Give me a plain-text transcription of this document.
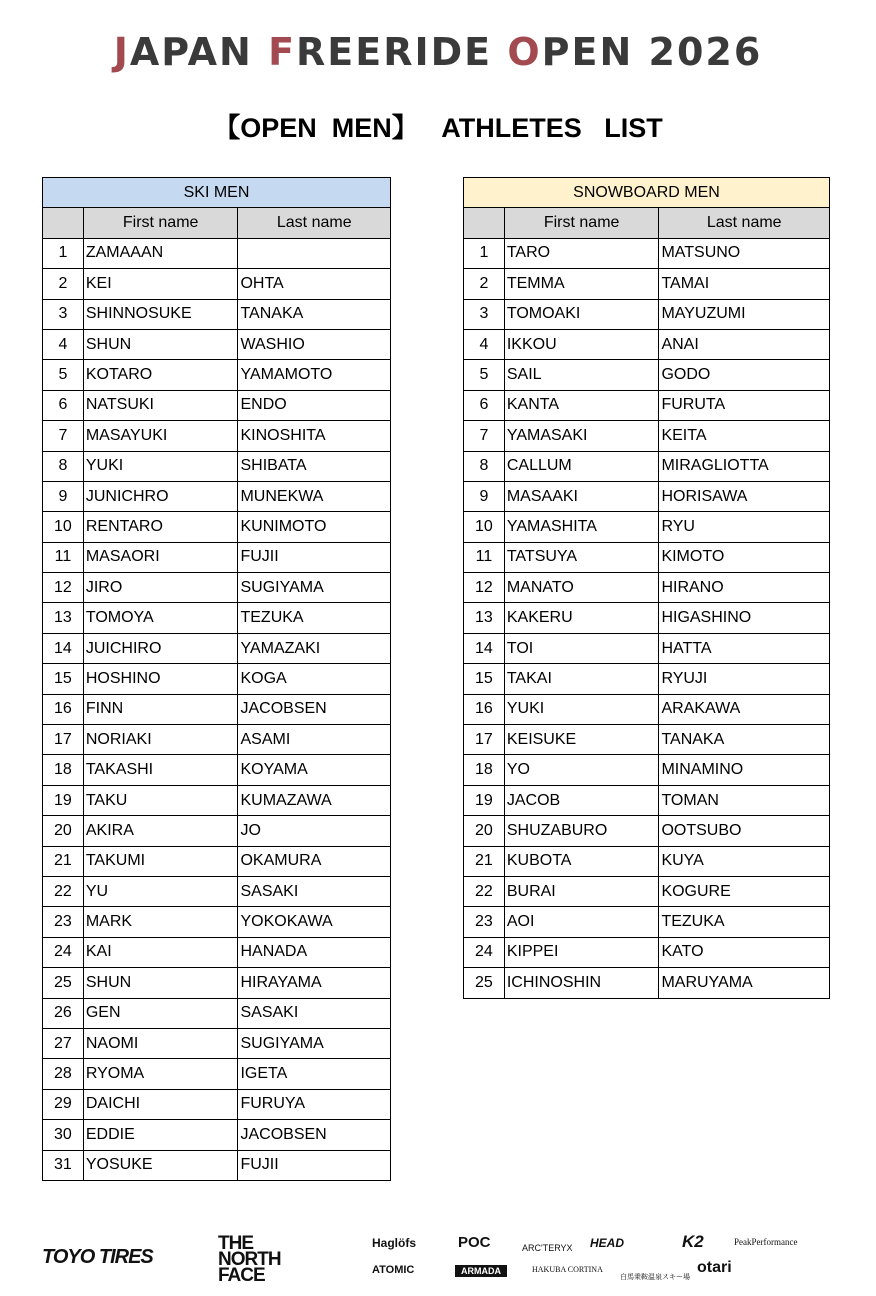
JAPAN FREERIDE OPEN 2026
【OPEN  MEN】   ATHLETES   LIST
SKI MEN		
	First name	Last name
1	ZAMAAAN	
2	KEI	OHTA
3	SHINNOSUKE	TANAKA
4	SHUN	WASHIO
5	KOTARO	YAMAMOTO
6	NATSUKI	ENDO
7	MASAYUKI	KINOSHITA
8	YUKI	SHIBATA
9	JUNICHRO	MUNEKWA
10	RENTARO	KUNIMOTO
11	MASAORI	FUJII
12	JIRO	SUGIYAMA
13	TOMOYA	TEZUKA
14	JUICHIRO	YAMAZAKI
15	HOSHINO	KOGA
16	FINN	JACOBSEN
17	NORIAKI	ASAMI
18	TAKASHI	KOYAMA
19	TAKU	KUMAZAWA
20	AKIRA	JO
21	TAKUMI	OKAMURA
22	YU	SASAKI
23	MARK	YOKOKAWA
24	KAI	HANADA
25	SHUN	HIRAYAMA
26	GEN	SASAKI
27	NAOMI	SUGIYAMA
28	RYOMA	IGETA
29	DAICHI	FURUYA
30	EDDIE	JACOBSEN
31	YOSUKE	FUJII
SNOWBOARD MEN		
	First name	Last name
1	TARO	MATSUNO
2	TEMMA	TAMAI
3	TOMOAKI	MAYUZUMI
4	IKKOU	ANAI
5	SAIL	GODO
6	KANTA	FURUTA
7	YAMASAKI	KEITA
8	CALLUM	MIRAGLIOTTA
9	MASAAKI	HORISAWA
10	YAMASHITA	RYU
11	TATSUYA	KIMOTO
12	MANATO	HIRANO
13	KAKERU	HIGASHINO
14	TOI	HATTA
15	TAKAI	RYUJI
16	YUKI	ARAKAWA
17	KEISUKE	TANAKA
18	YO	MINAMINO
19	JACOB	TOMAN
20	SHUZABURO	OOTSUBO
21	KUBOTA	KUYA
22	BURAI	KOGURE
23	AOI	TEZUKA
24	KIPPEI	KATO
25	ICHINOSHIN	MARUYAMA
TOYO TIRES
THE NORTH FACE
Haglöfs	POC	ARC'TERYX HEAD	K2	PeakPerformance
ATOMIC	ARMADA	HAKUBA CORTINA
白馬乗鞍温泉スキー場
otari
